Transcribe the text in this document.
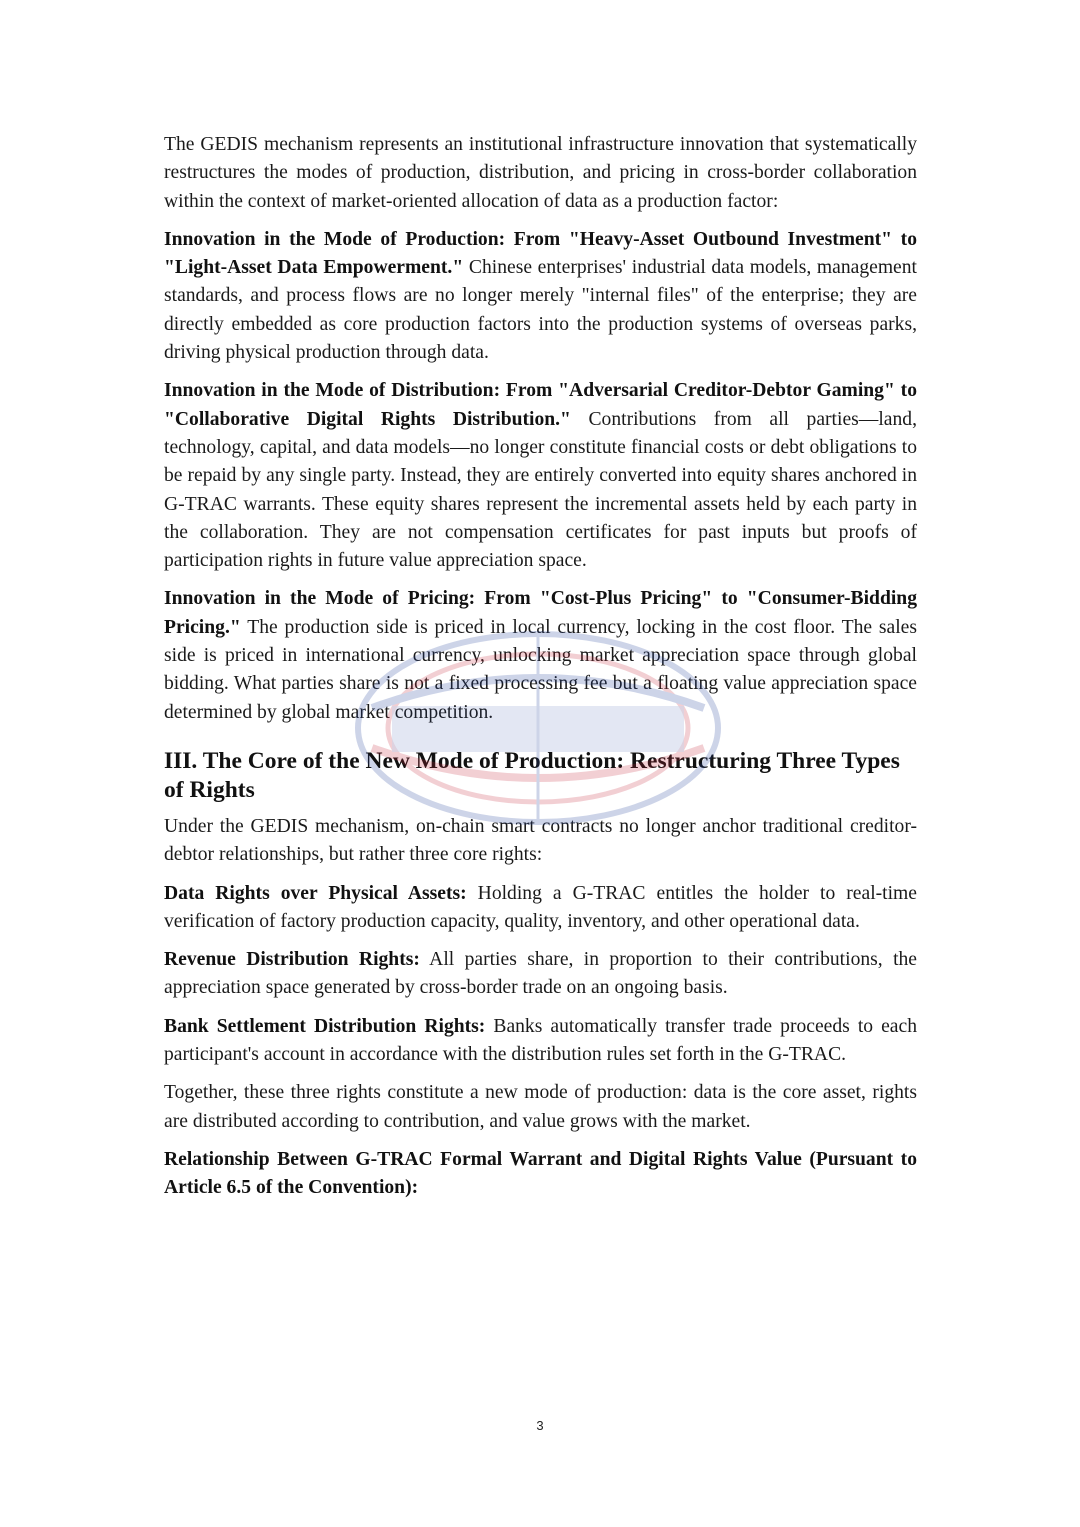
The GEDIS mechanism represents an institutional infrastructure innovation that systematically restructures the modes of production, distribution, and pricing in cross-border collaboration within the context of market-oriented allocation of data as a production factor:

Innovation in the Mode of Production: From "Heavy-Asset Outbound Investment" to "Light-Asset Data Empowerment." Chinese enterprises' industrial data models, management standards, and process flows are no longer merely "internal files" of the enterprise; they are directly embedded as core production factors into the production systems of overseas parks, driving physical production through data.

Innovation in the Mode of Distribution: From "Adversarial Creditor-Debtor Gaming" to "Collaborative Digital Rights Distribution." Contributions from all parties—land, technology, capital, and data models—no longer constitute financial costs or debt obligations to be repaid by any single party. Instead, they are entirely converted into equity shares anchored in G-TRAC warrants. These equity shares represent the incremental assets held by each party in the collaboration. They are not compensation certificates for past inputs but proofs of participation rights in future value appreciation space.

Innovation in the Mode of Pricing: From "Cost-Plus Pricing" to "Consumer-Bidding Pricing." The production side is priced in local currency, locking in the cost floor. The sales side is priced in international currency, unlocking market appreciation space through global bidding. What parties share is not a fixed processing fee but a floating value appreciation space determined by global market competition.

III. The Core of the New Mode of Production: Restructuring Three Types of Rights

Under the GEDIS mechanism, on-chain smart contracts no longer anchor traditional creditor-debtor relationships, but rather three core rights:

Data Rights over Physical Assets: Holding a G-TRAC entitles the holder to real-time verification of factory production capacity, quality, inventory, and other operational data.

Revenue Distribution Rights: All parties share, in proportion to their contributions, the appreciation space generated by cross-border trade on an ongoing basis.

Bank Settlement Distribution Rights: Banks automatically transfer trade proceeds to each participant's account in accordance with the distribution rules set forth in the G-TRAC.

Together, these three rights constitute a new mode of production: data is the core asset, rights are distributed according to contribution, and value grows with the market.

Relationship Between G-TRAC Formal Warrant and Digital Rights Value (Pursuant to Article 6.5 of the Convention):

3
